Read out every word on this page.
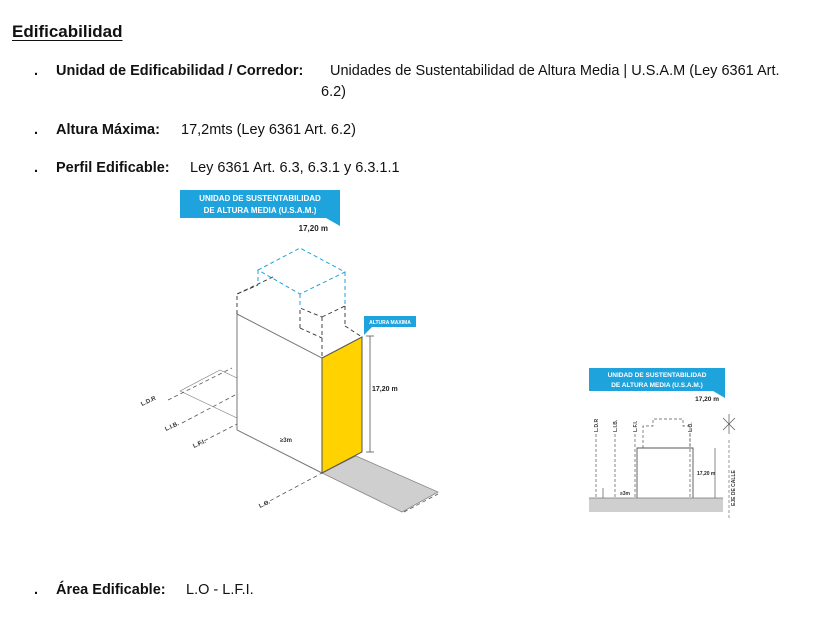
Edificabilidad
. Unidad de Edificabilidad / Corredor: Unidades de Sustentabilidad de Altura Media | U.S.A.M (Ley 6361 Art.
6.2)
. Altura Máxima: 17,2mts (Ley 6361 Art. 6.2)
. Perfil Edificable: Ley 6361 Art. 6.3, 6.3.1 y 6.3.1.1
UNIDAD DE SUSTENTABILIDAD
DE ALTURA MEDIA (U.S.A.M.)
17,20 m
17,20 m
ALTURA MAXIMA
≥3m
L.D.R
L.I.B.
L.F.I.
L.O.
UNIDAD DE SUSTENTABILIDAD
DE ALTURA MEDIA (U.S.A.M.)
17,20 m
L.D.R	L.I.B.	L.F.I.	L.O.
≥3m
17,20 m	EJE DE CALLE
. Área Edificable: L.O - L.F.I.
